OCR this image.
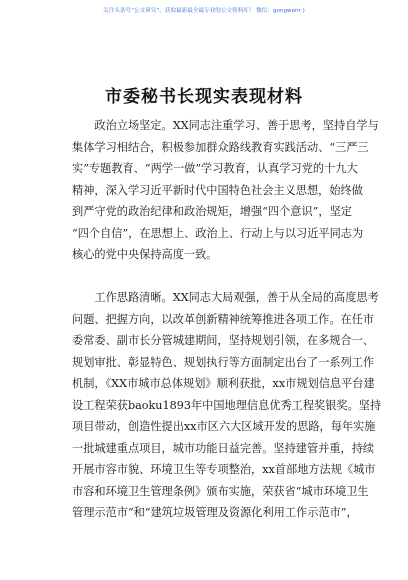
关注头条号“公文研究”，获取最新最全最专业的公文资料库！ 微信：gongwenr )
市委秘书长现实表现材料
　　政治立场坚定。XX同志注重学习、善于思考，坚持自学与
集体学习相结合，积极参加群众路线教育实践活动、“三严三
实”专题教育、“两学一做”学习教育，认真学习党的十九大
精神，深入学习近平新时代中国特色社会主义思想，始终做
到严守党的政治纪律和政治规矩，增强“四个意识”，坚定
“四个自信”，在思想上、政治上、行动上与以习近平同志为
核心的党中央保持高度一致。
　　工作思路清晰。XX同志大局观强，善于从全局的高度思考
问题、把握方向，以改革创新精神统筹推进各项工作。在任市
委常委、副市长分管城建期间，坚持规划引领，在多规合一、
规划审批、彰显特色、规划执行等方面制定出台了一系列工作
机制，《XX市城市总体规划》顺利获批，xx市规划信息平台建
设工程荣获baoku1893年中国地理信息优秀工程奖银奖。坚持
项目带动，创造性提出xx市区六大区域开发的思路，每年实施
一批城建重点项目，城市功能日益完善。坚持建管并重，持续
开展市容市貌、环境卫生等专项整治，xx首部地方法规《城市
市容和环境卫生管理条例》颁布实施，荣获省“城市环境卫生
管理示范市”和“建筑垃圾管理及资源化利用工作示范市”，
